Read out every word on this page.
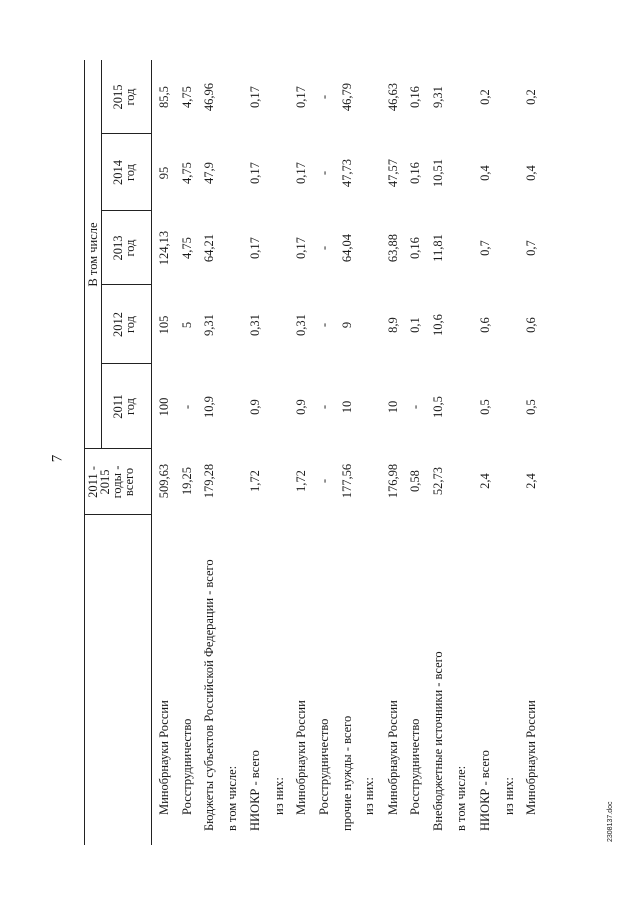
7
2308137.doc
2011 -
2015
годы -
всего
В том числе
2011
год
2012
год
2013
год
2014
год
2015
год
Минобрнауки России
509,63
100
105
124,13
95
85,5
Росструдничество
19,25
-
5
4,75
4,75
4,75
Бюджеты субъектов Российской Федерации - всего
179,28
10,9
9,31
64,21
47,9
46,96
в том числе: НИОКР - всего
1,72
0,9
0,31
0,17
0,17
0,17
из них: Минобрнауки России
1,72
0,9
0,31
0,17
0,17
0,17
Росструдничество
-
-
-
-
-
-
прочие нужды - всего
177,56
10
9
64,04
47,73
46,79
из них: Минобрнауки России
176,98
10
8,9
63,88
47,57
46,63
Росструдничество
0,58
-
0,1
0,16
0,16
0,16
Внебюджетные источники - всего
52,73
10,5
10,6
11,81
10,51
9,31
в том числе: НИОКР - всего
2,4
0,5
0,6
0,7
0,4
0,2
из них: Минобрнауки России
2,4
0,5
0,6
0,7
0,4
0,2
